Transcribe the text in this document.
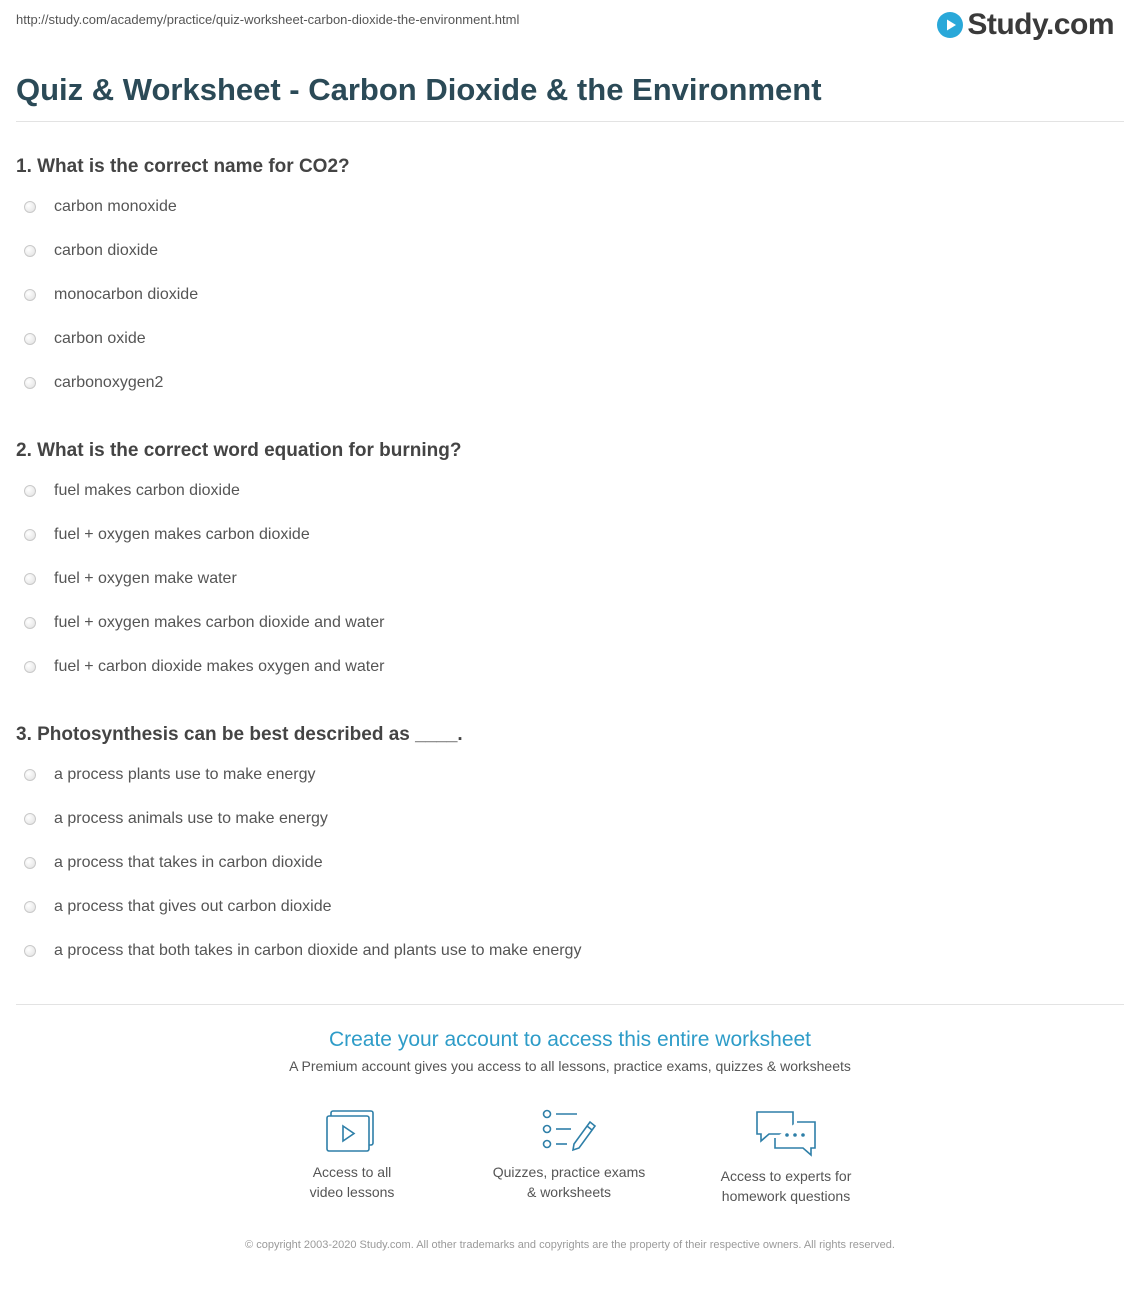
http://study.com/academy/practice/quiz-worksheet-carbon-dioxide-the-environment.html	Study.com
Quiz & Worksheet - Carbon Dioxide & the Environment
1. What is the correct name for CO2?
carbon monoxide
carbon dioxide
monocarbon dioxide
carbon oxide
carbonoxygen2
2. What is the correct word equation for burning?
fuel makes carbon dioxide
fuel + oxygen makes carbon dioxide
fuel + oxygen make water
fuel + oxygen makes carbon dioxide and water
fuel + carbon dioxide makes oxygen and water
3. Photosynthesis can be best described as ____.
a process plants use to make energy
a process animals use to make energy
a process that takes in carbon dioxide
a process that gives out carbon dioxide
a process that both takes in carbon dioxide and plants use to make energy
Create your account to access this entire worksheet
A Premium account gives you access to all lessons, practice exams, quizzes & worksheets
Access to all
video lessons
Quizzes, practice exams
& worksheets
Access to experts for
homework questions
© copyright 2003-2020 Study.com. All other trademarks and copyrights are the property of their respective owners. All rights reserved.
